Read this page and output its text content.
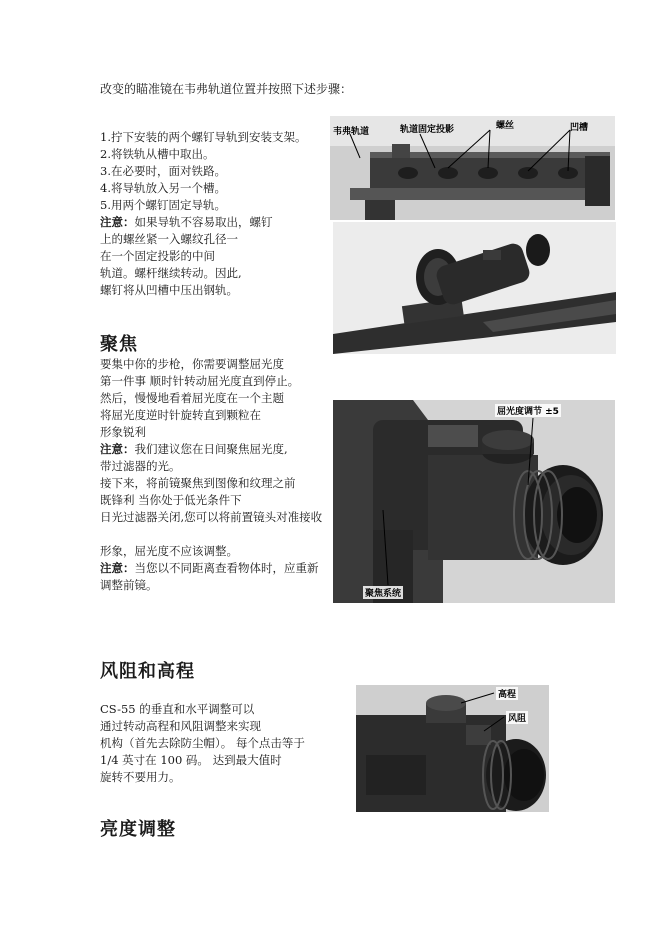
改变的瞄准镜在韦弗轨道位置并按照下述步骤：
1.拧下安装的两个螺钉导轨到安装支架。
2.将铁轨从槽中取出。
3.在必要时，面对铁路。
4.将导轨放入另一个槽。
5.用两个螺钉固定导轨。
注意：如果导轨不容易取出，螺钉
上的螺丝紧一入螺纹孔径一
在一个固定投影的中间
轨道。螺杆继续转动。因此,
螺钉将从凹槽中压出钢轨。
韦弗轨道	轨道固定投影	螺丝	凹槽
聚焦
要集中你的步枪，你需要调整屈光度
第一件事 顺时针转动屈光度直到停止。
然后，慢慢地看着屈光度在一个主题
将屈光度逆时针旋转直到颗粒在
形象锐利
注意：我们建议您在日间聚焦屈光度,
带过滤器的光。
接下来，将前镜聚焦到图像和纹理之前
既锋利 当你处于低光条件下
日光过滤器关闭,您可以将前置镜头对准接收
形象，屈光度不应该调整。
注意：当您以不同距离查看物体时，应重新
调整前镜。
屈光度调节 ±5
聚焦系统
风阻和高程
CS-55 的垂直和水平调整可以
通过转动高程和风阻调整来实现
机构（首先去除防尘帽）。 每个点击等于
1/4 英寸在 100 码。 达到最大值时
旋转不要用力。
高程
风阻
亮度调整
